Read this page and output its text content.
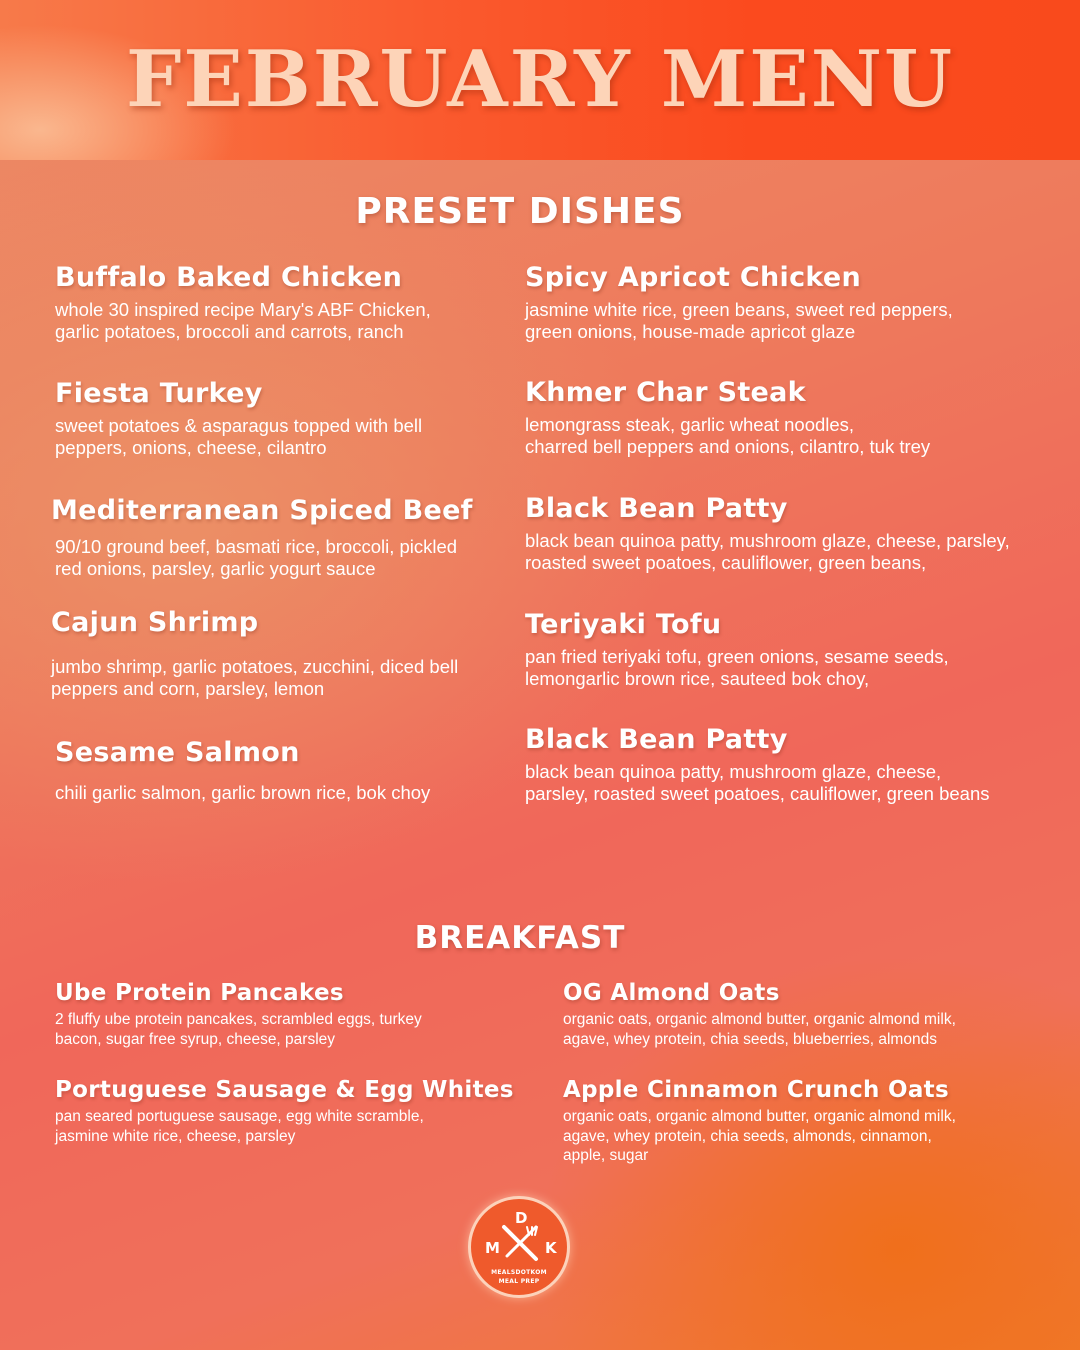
FEBRUARY MENU
PRESET DISHES
Buffalo Baked Chicken
whole 30 inspired recipe Mary's ABF Chicken,
garlic potatoes, broccoli and carrots, ranch
Fiesta Turkey
sweet potatoes & asparagus topped with bell
peppers, onions, cheese, cilantro
Mediterranean Spiced Beef
90/10 ground beef, basmati rice, broccoli, pickled
red onions, parsley, garlic yogurt sauce
Cajun Shrimp
jumbo shrimp, garlic potatoes, zucchini, diced bell
peppers and corn, parsley, lemon
Sesame Salmon
chili garlic salmon, garlic brown rice, bok choy
Spicy Apricot Chicken
jasmine white rice, green beans, sweet red peppers,
green onions, house-made apricot glaze
Khmer Char Steak
lemongrass steak, garlic wheat noodles,
charred bell peppers and onions, cilantro, tuk trey
Black Bean Patty
black bean quinoa patty, mushroom glaze, cheese, parsley,
roasted sweet poatoes, cauliflower, green beans,
Teriyaki Tofu
pan fried teriyaki tofu, green onions, sesame seeds,
lemongarlic brown rice, sauteed bok choy,
Black Bean Patty
black bean quinoa patty, mushroom glaze, cheese,
parsley, roasted sweet poatoes, cauliflower, green beans
BREAKFAST
Ube Protein Pancakes
2 fluffy ube protein pancakes, scrambled eggs, turkey
bacon, sugar free syrup, cheese, parsley
OG Almond Oats
organic oats, organic almond butter, organic almond milk,
agave, whey protein, chia seeds, blueberries, almonds
Portuguese Sausage & Egg Whites
pan seared portuguese sausage, egg white scramble,
jasmine white rice, cheese, parsley
Apple Cinnamon Crunch Oats
organic oats, organic almond butter, organic almond milk,
agave, whey protein, chia seeds, almonds, cinnamon,
apple, sugar
D
M	K
MEALSDOTKOM
MEAL PREP
